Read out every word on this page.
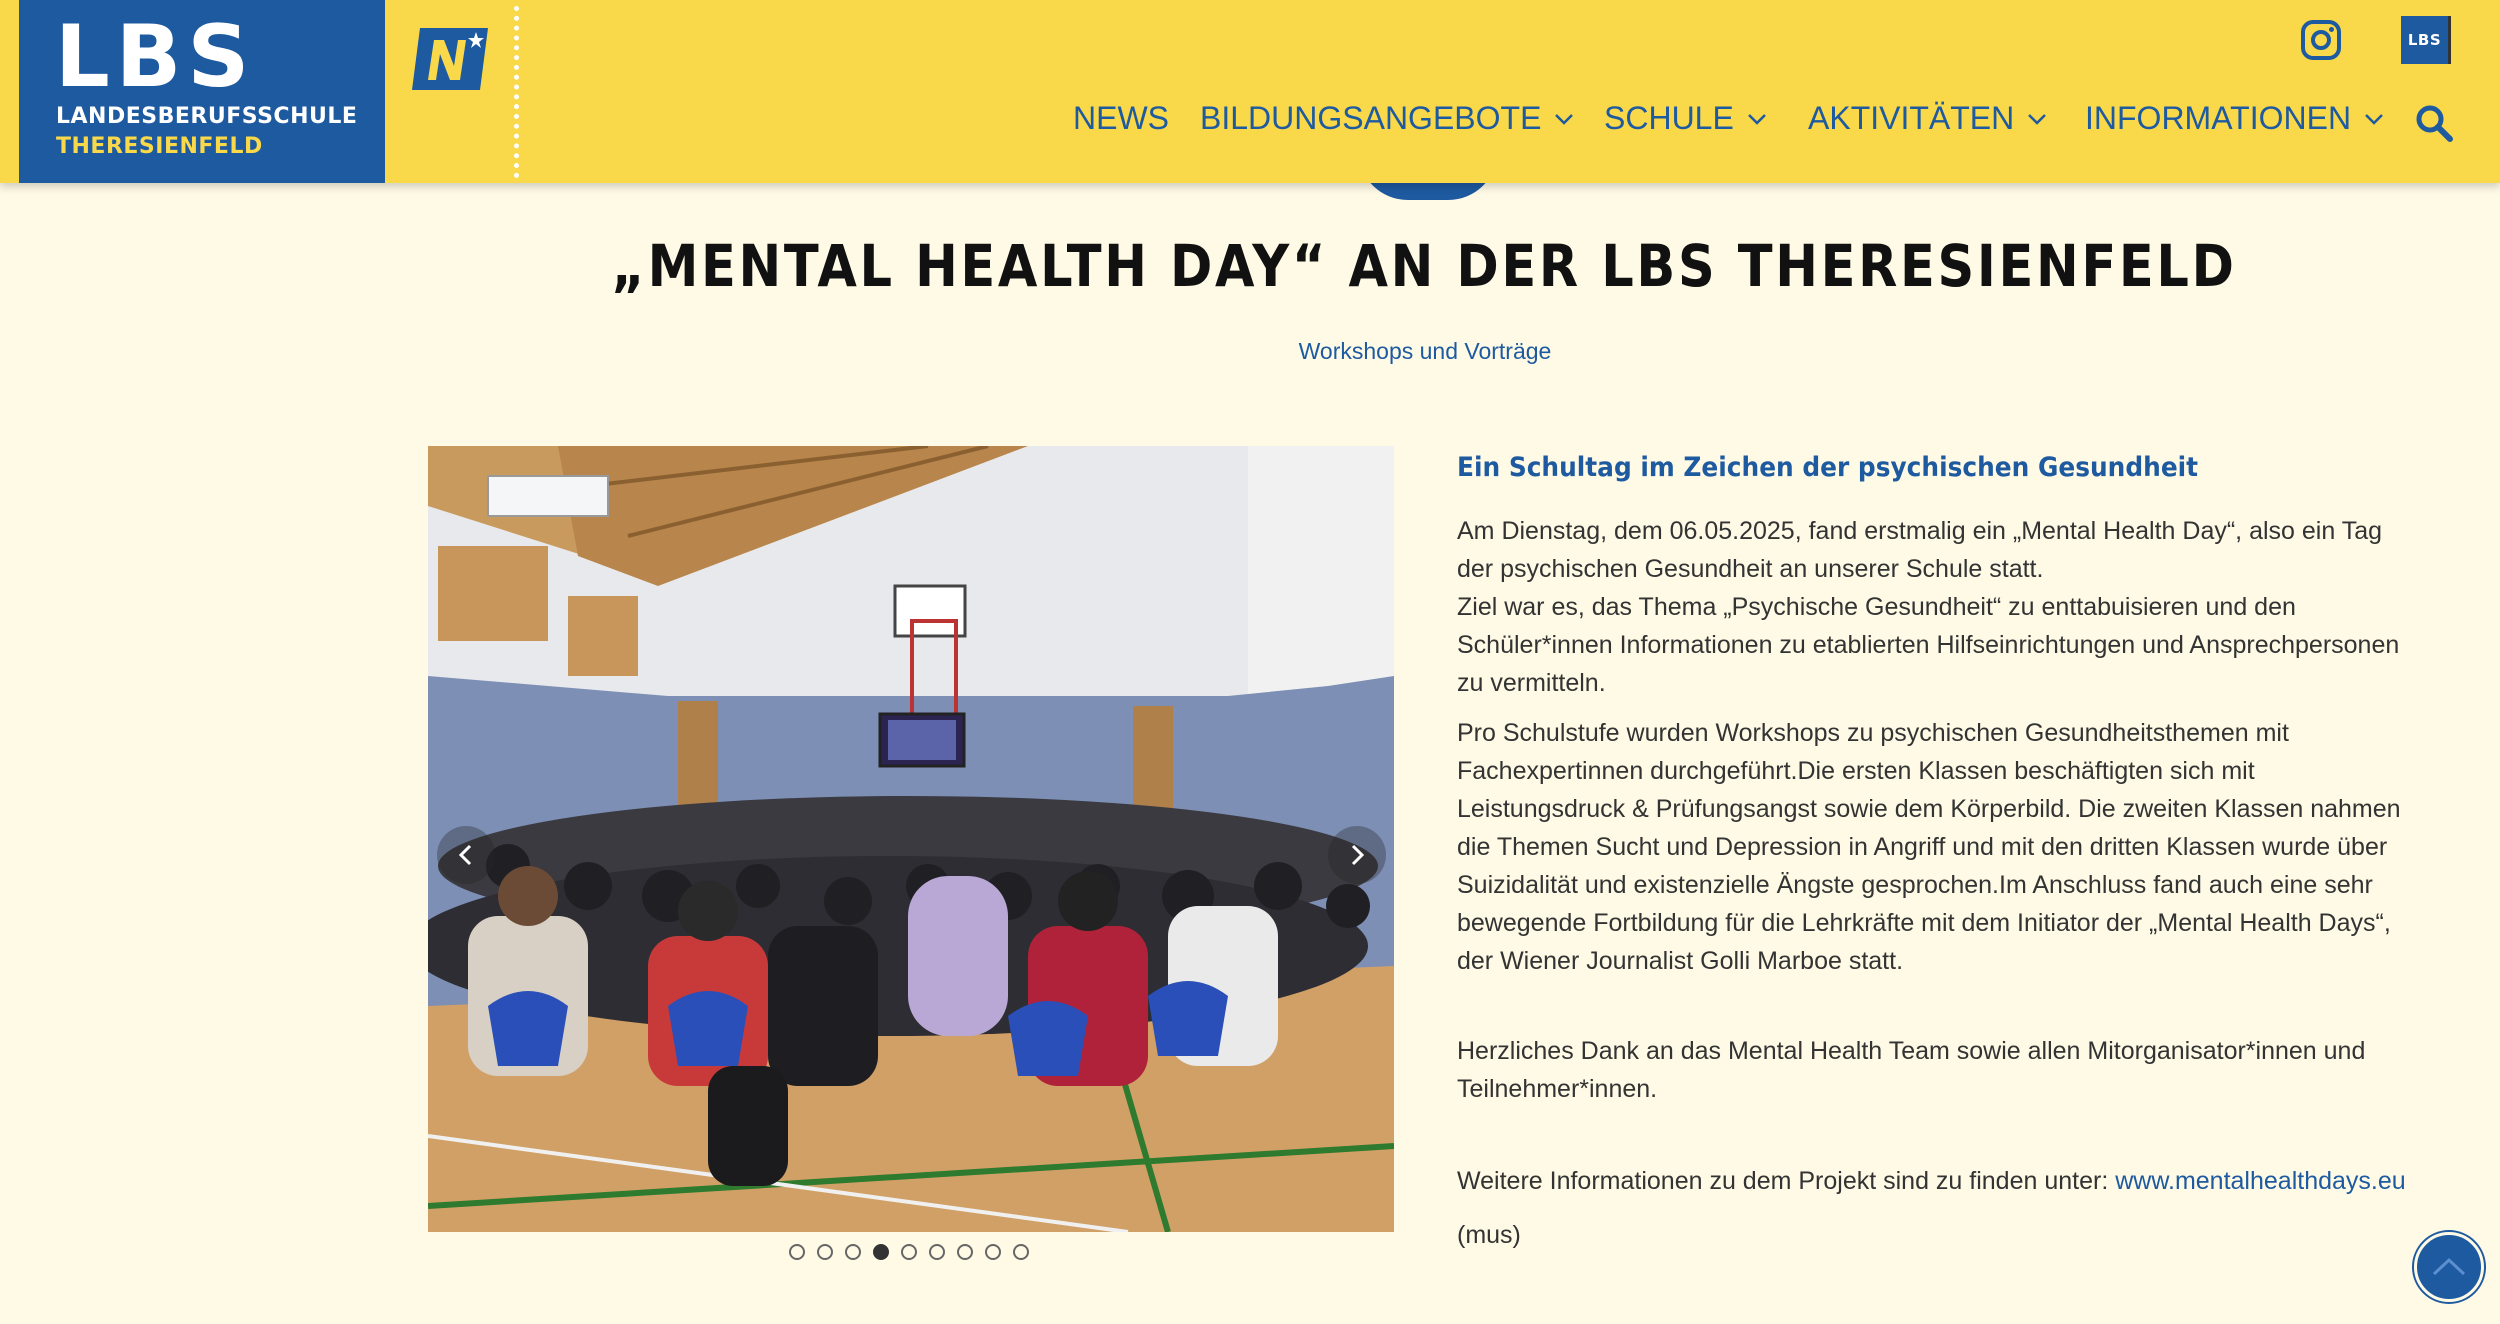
LBS
LANDESBERUFSSCHULE
THERESIENFELD
LBS
NEWS BILDUNGSANGEBOTE SCHULE AKTIVITÄTEN INFORMATIONEN
„MENTAL HEALTH DAY“ AN DER LBS THERESIENFELD
Workshops und Vorträge
Ein Schultag im Zeichen der psychischen Gesundheit
Am Dienstag, dem 06.05.2025, fand erstmalig ein „Mental Health Day“, also ein Tag der psychischen Gesundheit an unserer Schule statt.
Ziel war es, das Thema „Psychische Gesundheit“ zu enttabuisieren und den Schüler*innen Informationen zu etablierten Hilfseinrichtungen und Ansprechpersonen zu vermitteln.
Pro Schulstufe wurden Workshops zu psychischen Gesundheitsthemen mit Fachexpertinnen durchgeführt.Die ersten Klassen beschäftigten sich mit Leistungsdruck & Prüfungsangst sowie dem Körperbild. Die zweiten Klassen nahmen die Themen Sucht und Depression in Angriff und mit den dritten Klassen wurde über Suizidalität und existenzielle Ängste gesprochen.Im Anschluss fand auch eine sehr bewegende Fortbildung für die Lehrkräfte mit dem Initiator der „Mental Health Days“, der Wiener Journalist Golli Marboe statt.
Herzliches Dank an das Mental Health Team sowie allen Mitorganisator*innen und Teilnehmer*innen.
Weitere Informationen zu dem Projekt sind zu finden unter: www.mentalhealthdays.eu
(mus)
